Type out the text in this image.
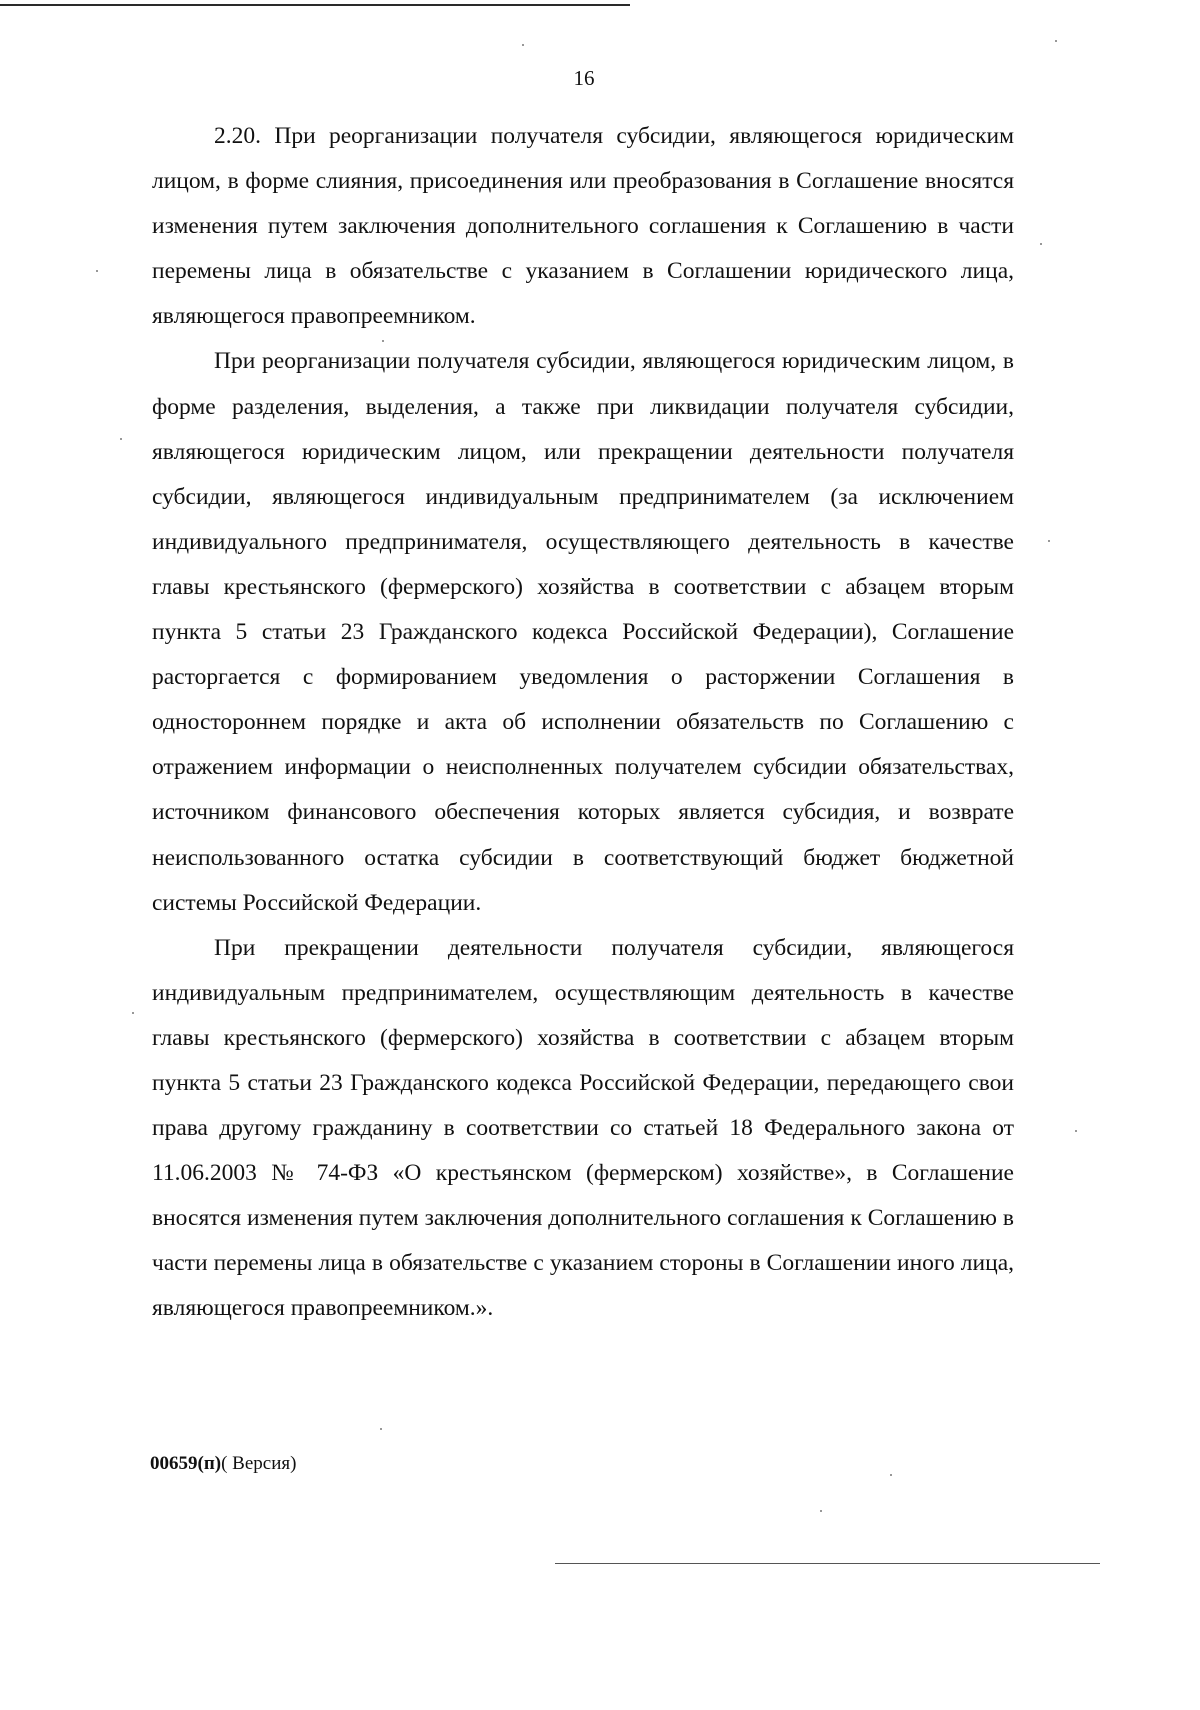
16

2.20. При реорганизации получателя субсидии, являющегося юридическим лицом, в форме слияния, присоединения или преобразования в Соглашение вносятся изменения путем заключения дополнительного соглашения к Соглашению в части перемены лица в обязательстве с указанием в Соглашении юридического лица, являющегося правопреемником.

При реорганизации получателя субсидии, являющегося юридическим лицом, в форме разделения, выделения, а также при ликвидации получателя субсидии, являющегося юридическим лицом, или прекращении деятельности получателя субсидии, являющегося индивидуальным предпринимателем (за исключением индивидуального предпринимателя, осуществляющего деятельность в качестве главы крестьянского (фермерского) хозяйства в соответствии с абзацем вторым пункта 5 статьи 23 Гражданского кодекса Российской Федерации), Соглашение расторгается с формированием уведомления о расторжении Соглашения в одностороннем порядке и акта об исполнении обязательств по Соглашению с отражением информации о неисполненных получателем субсидии обязательствах, источником финансового обеспечения которых является субсидия, и возврате неиспользованного остатка субсидии в соответствующий бюджет бюджетной системы Российской Федерации.

При прекращении деятельности получателя субсидии, являющегося индивидуальным предпринимателем, осуществляющим деятельность в качестве главы крестьянского (фермерского) хозяйства в соответствии с абзацем вторым пункта 5 статьи 23 Гражданского кодекса Российской Федерации, передающего свои права другому гражданину в соответствии со статьей 18 Федерального закона от 11.06.2003 № 74-ФЗ «О крестьянском (фермерском) хозяйстве», в Соглашение вносятся изменения путем заключения дополнительного соглашения к Соглашению в части перемены лица в обязательстве с указанием стороны в Соглашении иного лица, являющегося правопреемником.».

00659(п)( Версия)
